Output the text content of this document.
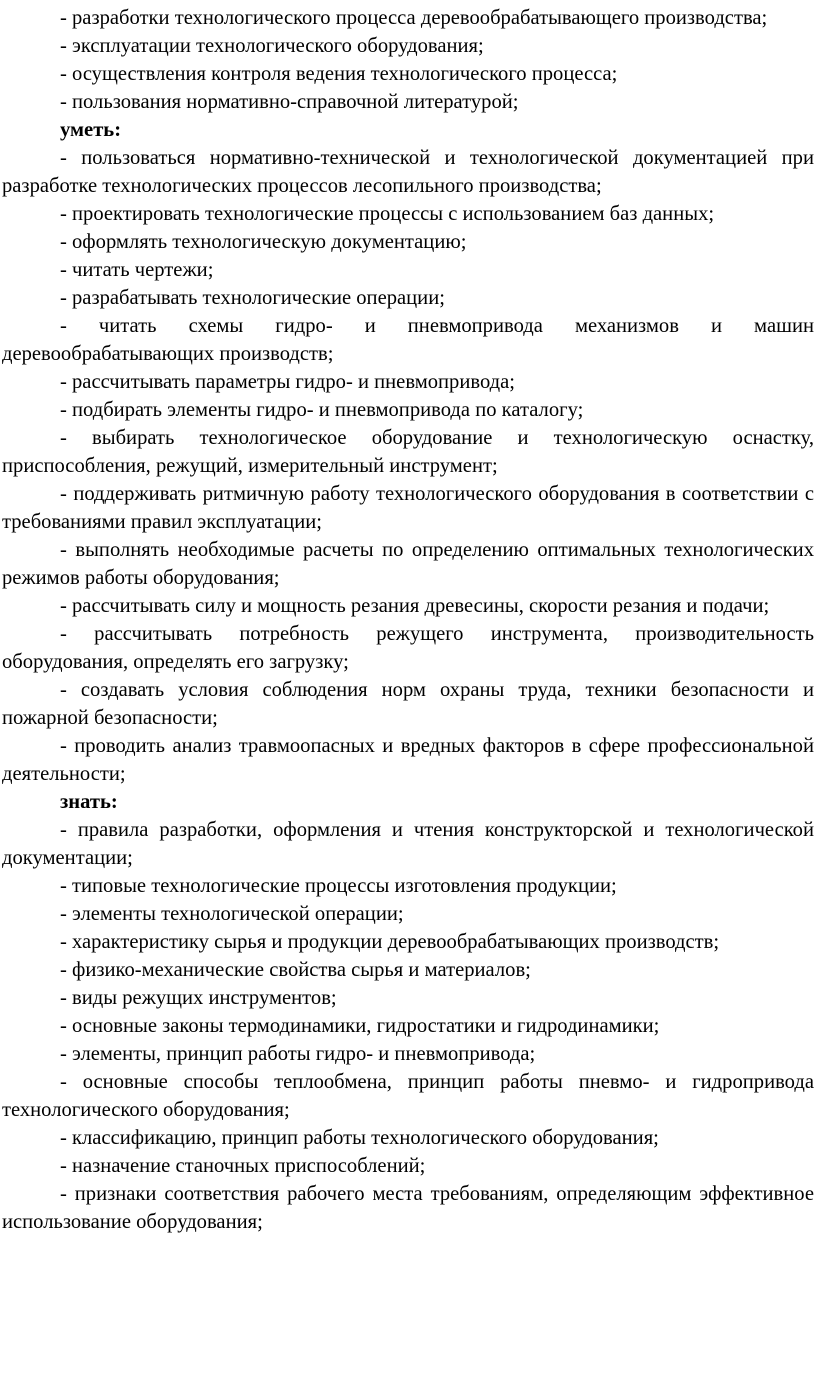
- разработки технологического процесса деревообрабатывающего производства;

- эксплуатации технологического оборудования;

- осуществления контроля ведения технологического процесса;

- пользования нормативно-справочной литературой;

уметь:

- пользоваться нормативно-технической и технологической документацией при разработке технологических процессов лесопильного производства;

- проектировать технологические процессы с использованием баз данных;

- оформлять технологическую документацию;

- читать чертежи;

- разрабатывать технологические операции;

- читать схемы гидро- и пневмопривода механизмов и машин деревообрабатывающих производств;

- рассчитывать параметры гидро- и пневмопривода;

- подбирать элементы гидро- и пневмопривода по каталогу;

- выбирать технологическое оборудование и технологическую оснастку, приспособления, режущий, измерительный инструмент;

- поддерживать ритмичную работу технологического оборудования в соответствии с требованиями правил эксплуатации;

- выполнять необходимые расчеты по определению оптимальных технологических режимов работы оборудования;

- рассчитывать силу и мощность резания древесины, скорости резания и подачи;

- рассчитывать потребность режущего инструмента, производительность оборудования, определять его загрузку;

- создавать условия соблюдения норм охраны труда, техники безопасности и пожарной безопасности;

- проводить анализ травмоопасных и вредных факторов в сфере профессиональной деятельности;

знать:

- правила разработки, оформления и чтения конструкторской и технологической документации;

- типовые технологические процессы изготовления продукции;

- элементы технологической операции;

- характеристику сырья и продукции деревообрабатывающих производств;

- физико-механические свойства сырья и материалов;

- виды режущих инструментов;

- основные законы термодинамики, гидростатики и гидродинамики;

- элементы, принцип работы гидро- и пневмопривода;

- основные способы теплообмена, принцип работы пневмо- и гидропривода технологического оборудования;

- классификацию, принцип работы технологического оборудования;

- назначение станочных приспособлений;

- признаки соответствия рабочего места требованиям, определяющим эффективное использование оборудования;
